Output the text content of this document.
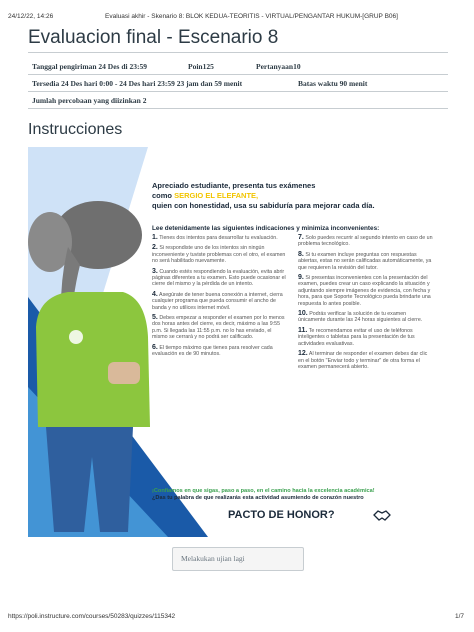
24/12/22, 14:26	Evaluasi akhir - Skenario 8: BLOK KEDUA-TEORITIS - VIRTUAL/PENGANTAR HUKUM-[GRUP B06]
Evaluacion final - Escenario 8
Tanggal pengiriman 24 Des di 23:59	Poin125	Pertanyaan10
Tersedia 24 Des hari 0:00 - 24 Des hari 23:59 23 jam dan 59 menit	Batas waktu 90 menit
Jumlah percobaan yang diizinkan 2
Instrucciones
Apreciado estudiante, presenta tus exámenes
como SERGIO EL ELEFANTE,
quien con honestidad, usa su sabiduría para mejorar cada día.
Lee detenidamente las siguientes indicaciones y minimiza inconvenientes:
1. Tienes dos intentos para desarrollar tu evaluación.
2. Si respondiste uno de los intentos sin ningún inconveniente y tuviste problemas con el otro, el examen no será habilitado nuevamente.
3. Cuando estés respondiendo la evaluación, evita abrir páginas diferentes a tu examen. Esto puede ocasionar el cierre del mismo y la pérdida de un intento.
4. Asegúrate de tener buena conexión a internet, cierra cualquier programa que pueda consumir el ancho de banda y no utilices internet móvil.
5. Debes empezar a responder el examen por lo menos dos horas antes del cierre, es decir, máximo a las 9:55 p.m. Si llegada las 11:55 p.m. no lo has enviado, el mismo se cerrará y no podrá ser calificado.
6. El tiempo máximo que tienes para resolver cada evaluación es de 90 minutos.
7. Solo puedes recurrir al segundo intento en caso de un problema tecnológico.
8. Si tu examen incluye preguntas con respuestas abiertas, estas no serán calificadas automáticamente, ya que requieren la revisión del tutor.
9. Si presentas inconvenientes con la presentación del examen, puedes crear un caso explicando la situación y adjuntando siempre imágenes de evidencia, con fecha y hora, para que Soporte Tecnológico pueda brindarte una respuesta lo antes posible.
10. Podrás verificar la solución de tu examen únicamente durante las 24 horas siguientes al cierre.
11. Te recomendamos evitar el uso de teléfonos inteligentes o tabletas para la presentación de tus actividades evaluativas.
12. Al terminar de responder el examen debes dar clic en el botón "Enviar todo y terminar" de otra forma el examen permanecerá abierto.
¡Confiamos en que sigas, paso a paso, en el camino hacia la excelencia académica!
¿Das tu palabra de que realizarás esta actividad asumiendo de corazón nuestro
PACTO DE HONOR?
Melakukan ujian lagi
https://poli.instructure.com/courses/50283/quizzes/115342	1/7
